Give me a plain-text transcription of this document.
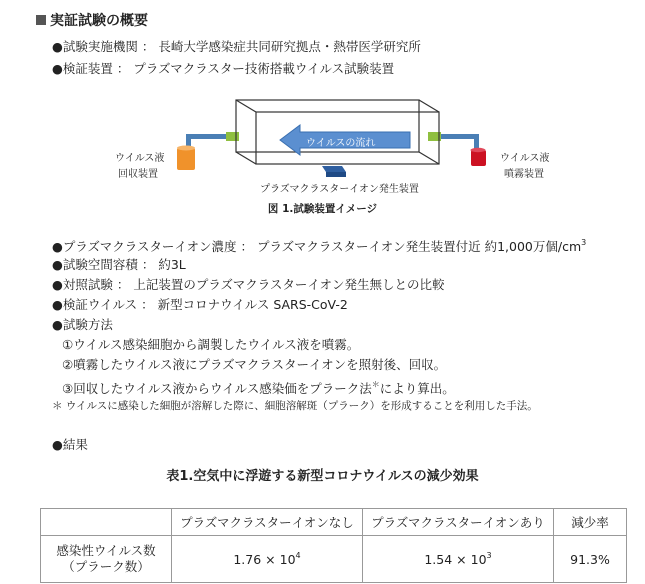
実証試験の概要
●試験実施機関 ： 長崎大学感染症共同研究拠点・熱帯医学研究所
●検証装置 ： プラズマクラスター技術搭載ウイルス試験装置
ウイルスの流れ
プラズマクラスターイオン発生装置
ウイルス液
回収装置
ウイルス液
噴霧装置
図 1.試験装置イメージ
●プラズマクラスターイオン濃度 ： プラズマクラスターイオン発生装置付近 約1,000万個$/cm^3$
●試験空間容積 ： 約3L
●対照試験 ： 上記装置のプラズマクラスターイオン発生無しとの比較
●検証ウイルス ： 新型コロナウイルス SARS-CoV-2
●試験方法
①ウイルス感染細胞から調製したウイルス液を噴霧。
②噴霧したウイルス液にプラズマクラスターイオンを照射後、回収。
③回収したウイルス液からウイルス感染価をプラーク法＊により算出。
＊ ウイルスに感染した細胞が溶解した際に、細胞溶解斑（プラーク）を形成することを利用した手法。
●結果
表1.空気中に浮遊する新型コロナウイルスの減少効果
	プラズマクラスターイオンなし	プラズマクラスターイオンあり	減少率

感染性ウイルス数
（プラーク数）	$1.76 \times 10^4$	$1.54 \times 10^3$	91.3%
